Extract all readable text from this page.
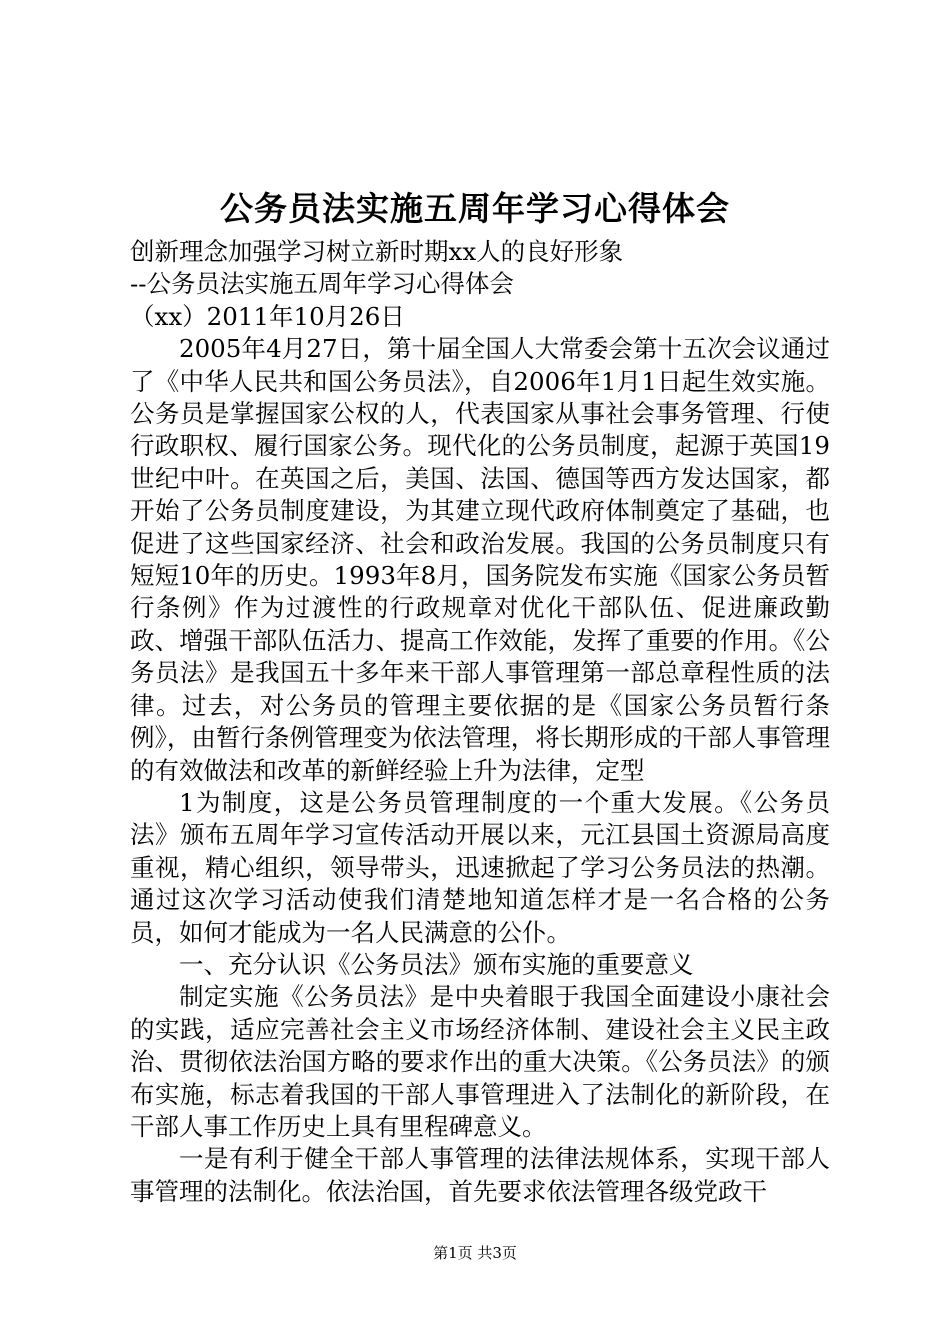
公务员法实施五周年学习心得体会

创新理念加强学习树立新时期xx人的良好形象

--公务员法实施五周年学习心得体会

（xx）2011年10月26日

2005年4月27日，第十届全国人大常委会第十五次会议通过了《中华人民共和国公务员法》，自2006年1月1日起生效实施。公务员是掌握国家公权的人，代表国家从事社会事务管理、行使行政职权、履行国家公务。现代化的公务员制度，起源于英国19世纪中叶。在英国之后，美国、法国、德国等西方发达国家，都开始了公务员制度建设，为其建立现代政府体制奠定了基础，也促进了这些国家经济、社会和政治发展。我国的公务员制度只有短短10年的历史。1993年8月，国务院发布实施《国家公务员暂行条例》作为过渡性的行政规章对优化干部队伍、促进廉政勤政、增强干部队伍活力、提高工作效能，发挥了重要的作用。《公务员法》是我国五十多年来干部人事管理第一部总章程性质的法律。过去，对公务员的管理主要依据的是《国家公务员暂行条例》，由暂行条例管理变为依法管理，将长期形成的干部人事管理的有效做法和改革的新鲜经验上升为法律，定型

1为制度，这是公务员管理制度的一个重大发展。《公务员法》颁布五周年学习宣传活动开展以来，元江县国土资源局高度重视，精心组织，领导带头，迅速掀起了学习公务员法的热潮。通过这次学习活动使我们清楚地知道怎样才是一名合格的公务员，如何才能成为一名人民满意的公仆。

一、充分认识《公务员法》颁布实施的重要意义

制定实施《公务员法》是中央着眼于我国全面建设小康社会的实践，适应完善社会主义市场经济体制、建设社会主义民主政治、贯彻依法治国方略的要求作出的重大决策。《公务员法》的颁布实施，标志着我国的干部人事管理进入了法制化的新阶段，在干部人事工作历史上具有里程碑意义。

一是有利于健全干部人事管理的法律法规体系，实现干部人事管理的法制化。依法治国，首先要求依法管理各级党政干

第1页 共3页
